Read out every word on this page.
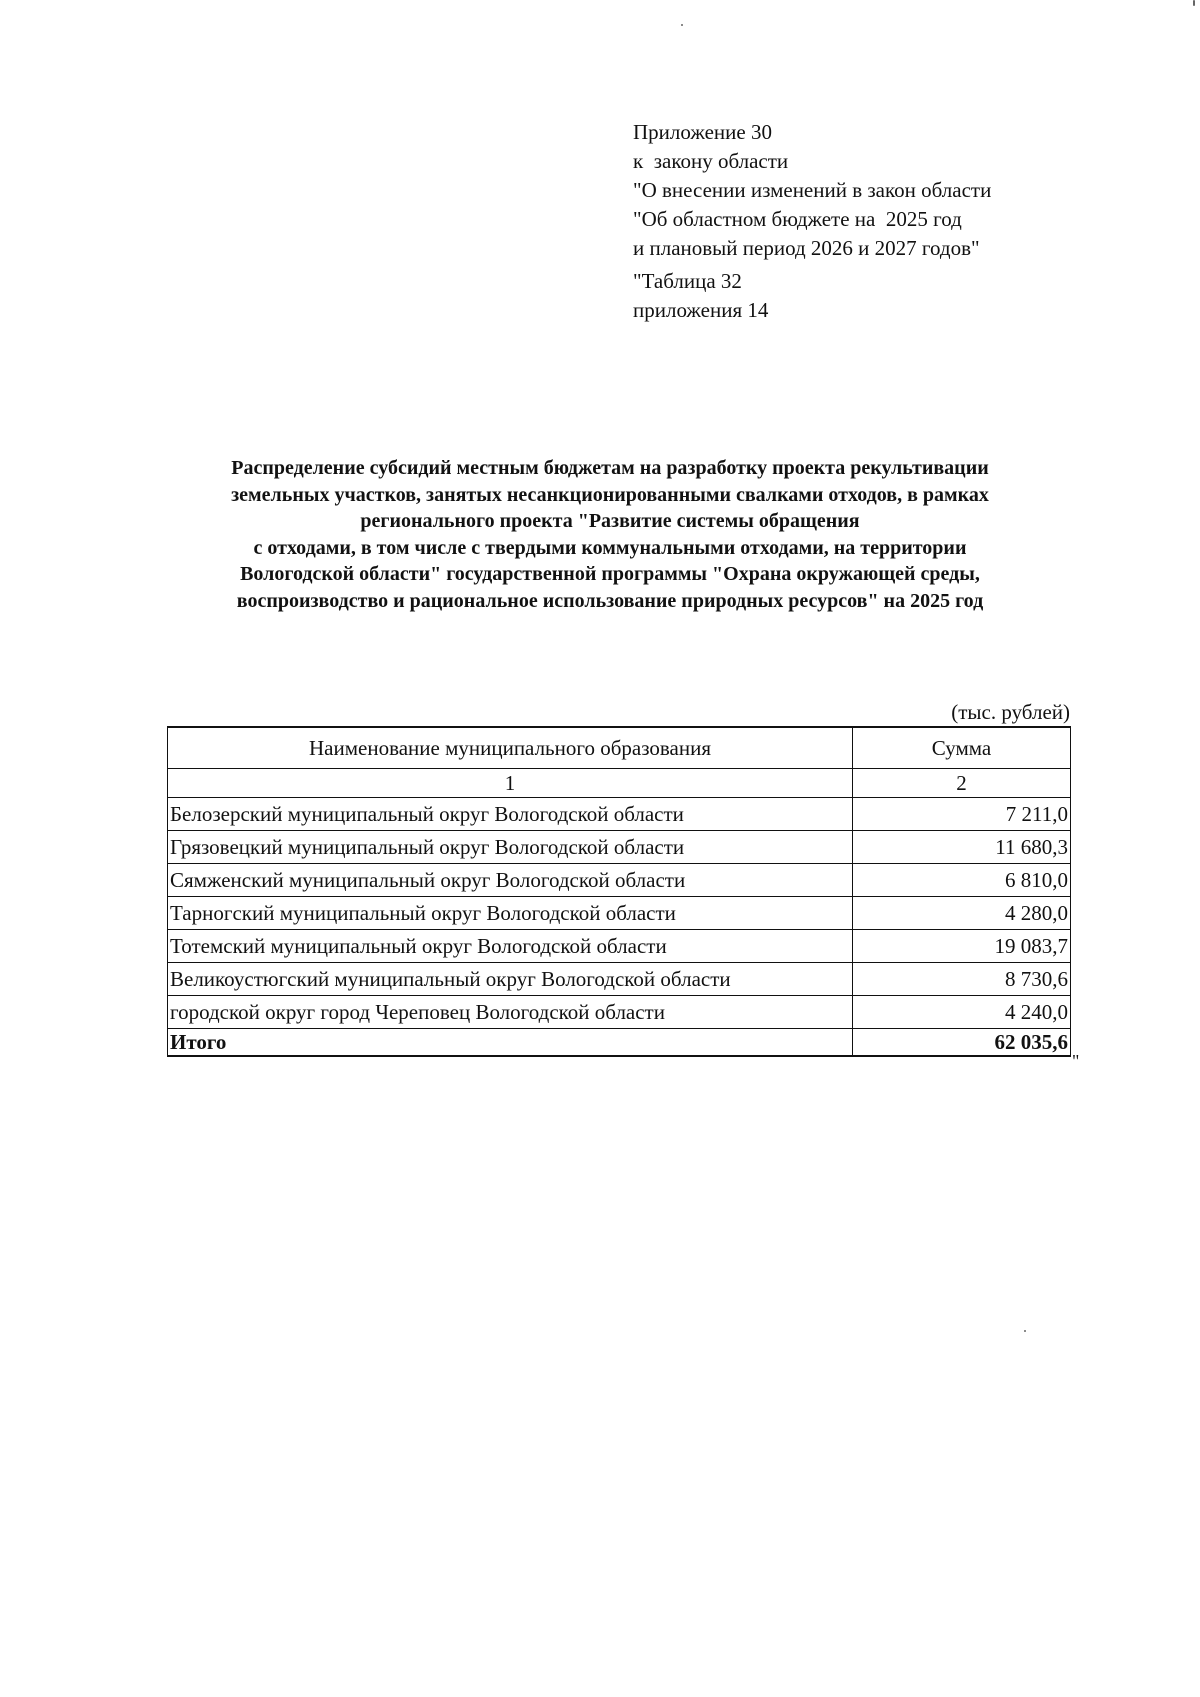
Приложение 30
к  закону области
"О внесении изменений в закон области
"Об областном бюджете на  2025 год
и плановый период 2026 и 2027 годов"
"Таблица 32
приложения 14
Распределение субсидий местным бюджетам на разработку проекта рекультивации
земельных участков, занятых несанкционированными свалками отходов, в рамках
регионального проекта "Развитие системы обращения
с отходами, в том числе с твердыми коммунальными отходами, на территории
Вологодской области" государственной программы "Охрана окружающей среды,
воспроизводство и рациональное использование природных ресурсов" на 2025 год
(тыс. рублей)
Наименование муниципального образования	Сумма
1	2
Белозерский муниципальный округ Вологодской области	7 211,0
Грязовецкий муниципальный округ Вологодской области	11 680,3
Сямженский муниципальный округ Вологодской области	6 810,0
Тарногский муниципальный округ Вологодской области	4 280,0
Тотемский муниципальный округ Вологодской области	19 083,7
Великоустюгский муниципальный округ Вологодской области	8 730,6
городской округ город Череповец Вологодской области	4 240,0
Итого	62 035,6
"
